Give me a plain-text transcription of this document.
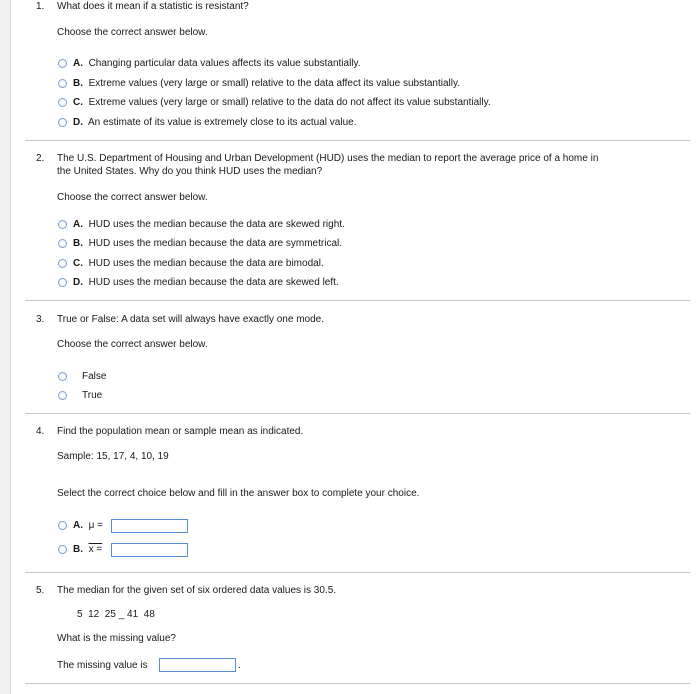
1. What does it mean if a statistic is resistant?
Choose the correct answer below.
A. Changing particular data values affects its value substantially.
B. Extreme values (very large or small) relative to the data affect its value substantially.
C. Extreme values (very large or small) relative to the data do not affect its value substantially.
D. An estimate of its value is extremely close to its actual value.
2. The U.S. Department of Housing and Urban Development (HUD) uses the median to report the average price of a home in
the United States. Why do you think HUD uses the median?
Choose the correct answer below.
A. HUD uses the median because the data are skewed right.
B. HUD uses the median because the data are symmetrical.
C. HUD uses the median because the data are bimodal.
D. HUD uses the median because the data are skewed left.
3. True or False: A data set will always have exactly one mode.
Choose the correct answer below.
False
True
4. Find the population mean or sample mean as indicated.
Sample: 15, 17, 4, 10, 19
Select the correct choice below and fill in the answer box to complete your choice.
A. μ =
B. x =
5. The median for the given set of six ordered data values is 30.5.
5  12  25 _ 41  48
What is the missing value?
The missing value is	.
